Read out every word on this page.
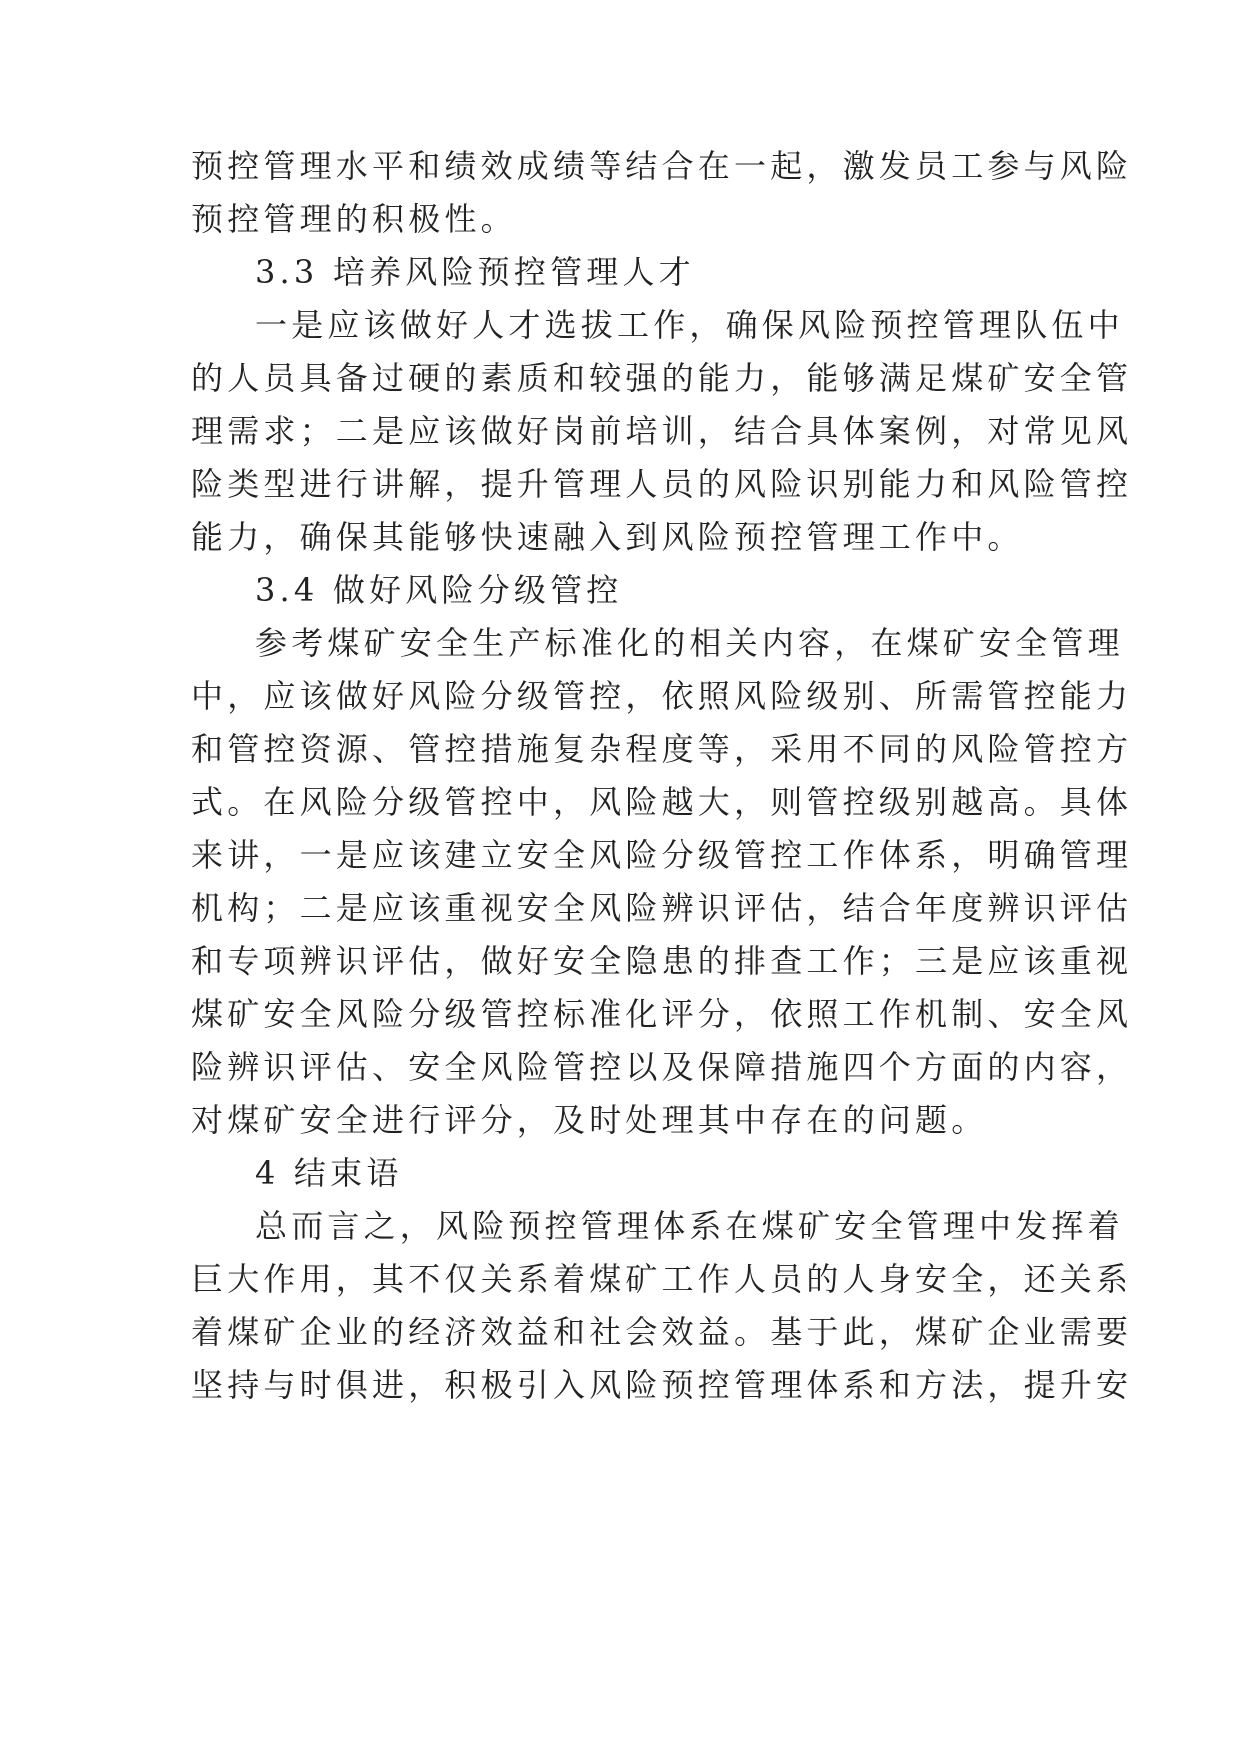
预控管理水平和绩效成绩等结合在一起，激发员工参与风险

预控管理的积极性。

3.3 培养风险预控管理人才

一是应该做好人才选拔工作，确保风险预控管理队伍中

的人员具备过硬的素质和较强的能力，能够满足煤矿安全管

理需求；二是应该做好岗前培训，结合具体案例，对常见风

险类型进行讲解，提升管理人员的风险识别能力和风险管控

能力，确保其能够快速融入到风险预控管理工作中。

3.4 做好风险分级管控

参考煤矿安全生产标准化的相关内容，在煤矿安全管理

中，应该做好风险分级管控，依照风险级别、所需管控能力

和管控资源、管控措施复杂程度等，采用不同的风险管控方

式。在风险分级管控中，风险越大，则管控级别越高。具体

来讲，一是应该建立安全风险分级管控工作体系，明确管理

机构；二是应该重视安全风险辨识评估，结合年度辨识评估

和专项辨识评估，做好安全隐患的排查工作；三是应该重视

煤矿安全风险分级管控标准化评分，依照工作机制、安全风

险辨识评估、安全风险管控以及保障措施四个方面的内容，

对煤矿安全进行评分，及时处理其中存在的问题。

4 结束语

总而言之，风险预控管理体系在煤矿安全管理中发挥着

巨大作用，其不仅关系着煤矿工作人员的人身安全，还关系

着煤矿企业的经济效益和社会效益。基于此，煤矿企业需要

坚持与时俱进，积极引入风险预控管理体系和方法，提升安
